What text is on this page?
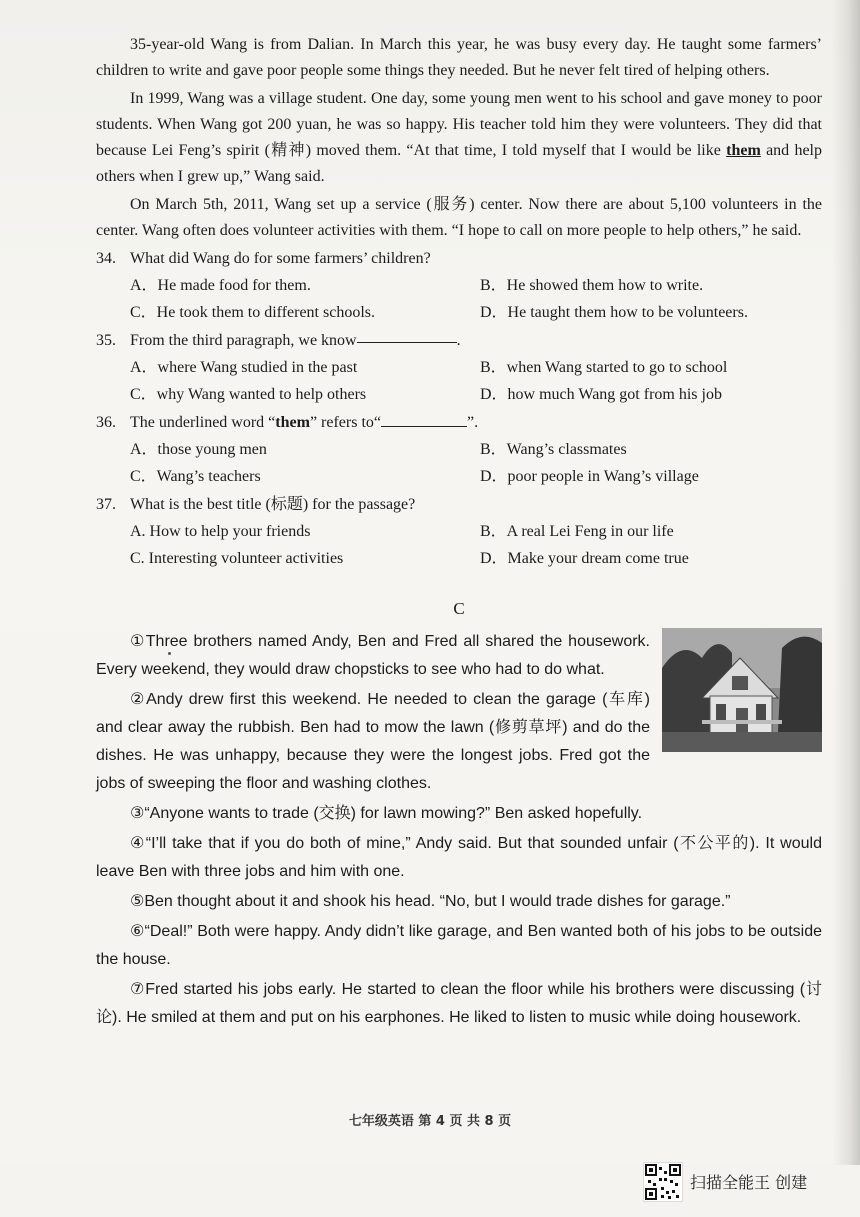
35-year-old Wang is from Dalian. In March this year, he was busy every day. He taught some farmers’ children to write and gave poor people some things they needed. But he never felt tired of helping others.

In 1999, Wang was a village student. One day, some young men went to his school and gave money to poor students. When Wang got 200 yuan, he was so happy. His teacher told him they were volunteers. They did that because Lei Feng’s spirit (精神) moved them. “At that time, I told myself that I would be like them and help others when I grew up,” Wang said.

On March 5th, 2011, Wang set up a service (服务) center. Now there are about 5,100 volunteers in the center. Wang often does volunteer activities with them. “I hope to call on more people to help others,” he said.

34. What did Wang do for some farmers’ children?
A．He made food for them.	B．He showed them how to write.
C．He took them to different schools.	D．He taught them how to be volunteers.
35. From the third paragraph, we know	.
A．where Wang studied in the past	B．when Wang started to go to school
C．why Wang wanted to help others	D．how much Wang got from his job
36. The underlined word “them” refers to“	”.
A．those young men	B．Wang’s classmates
C．Wang’s teachers	D．poor people in Wang’s village
37. What is the best title (标题) for the passage?
A. How to help your friends	B．A real Lei Feng in our life
C. Interesting volunteer activities	D．Make your dream come true
C

①Three brothers named Andy, Ben and Fred all shared the housework. Every weekend, they would draw chopsticks to see who had to do what.

②Andy drew first this weekend. He needed to clean the garage (车库) and clear away the rubbish. Ben had to mow the lawn (修剪草坪) and do the dishes. He was unhappy, because they were the longest jobs. Fred got the jobs of sweeping the floor and washing clothes.

③“Anyone wants to trade (交换) for lawn mowing?” Ben asked hopefully.

④“I’ll take that if you do both of mine,” Andy said. But that sounded unfair (不公平的). It would leave Ben with three jobs and him with one.

⑤Ben thought about it and shook his head. “No, but I would trade dishes for garage.”

⑥“Deal!” Both were happy. Andy didn’t like garage, and Ben wanted both of his jobs to be outside the house.

⑦Fred started his jobs early. He started to clean the floor while his brothers were discussing (讨论). He smiled at them and put on his earphones. He liked to listen to music while doing housework.

七年级英语 第 4 页 共 8 页
扫描全能王 创建
